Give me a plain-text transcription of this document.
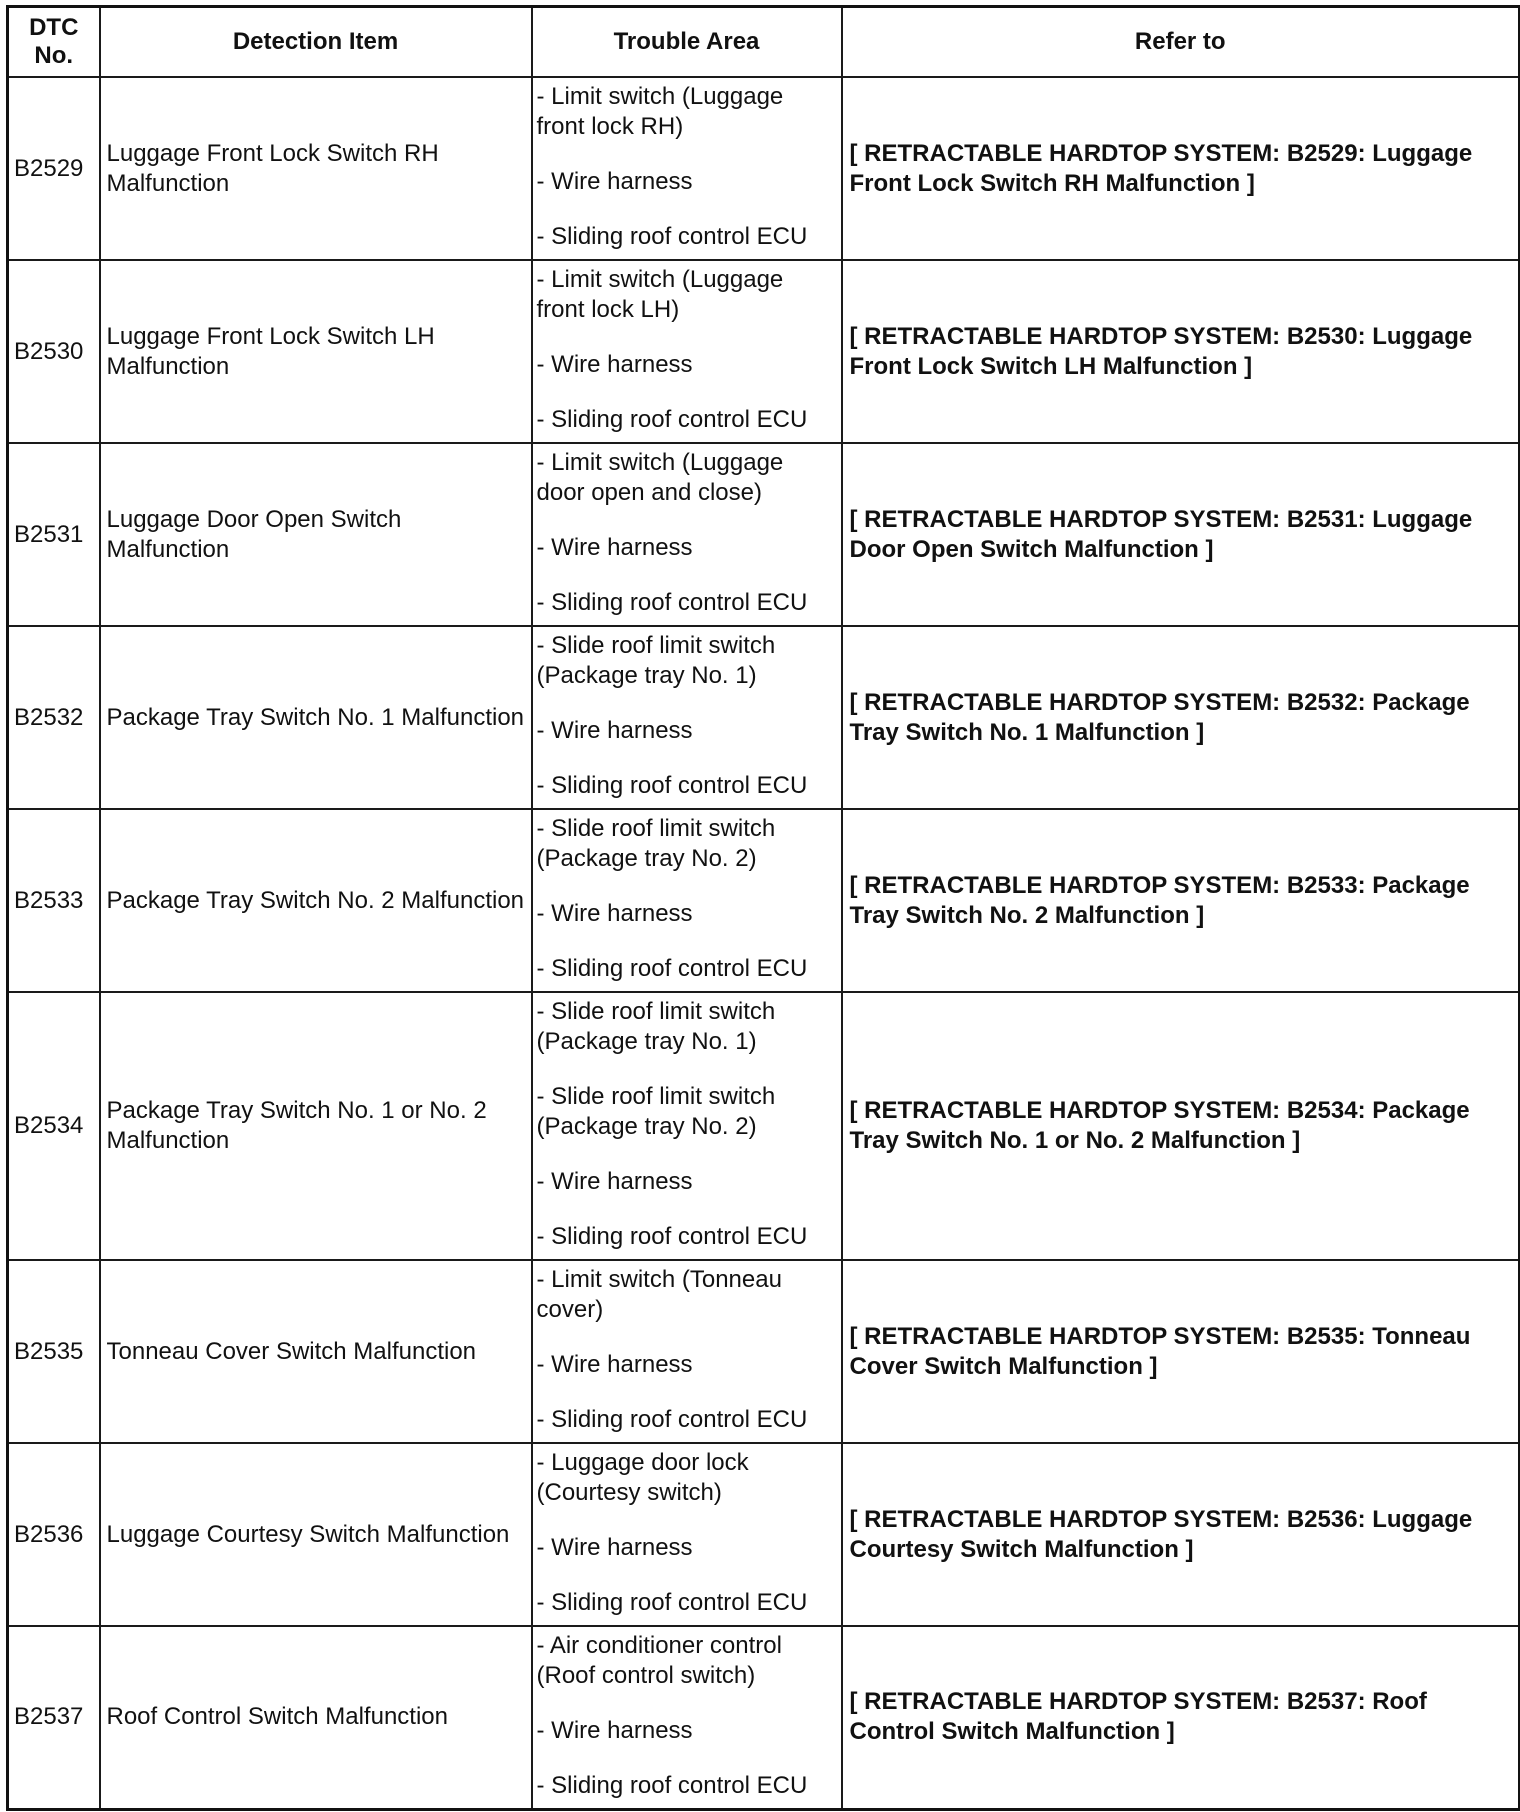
DTC No.	Detection Item	Trouble Area	Refer to
B2529	Luggage Front Lock Switch RH Malfunction	- Limit switch (Luggage front lock RH)
- Wire harness
- Sliding roof control ECU	[ RETRACTABLE HARDTOP SYSTEM: B2529: Luggage Front Lock Switch RH Malfunction ]
B2530	Luggage Front Lock Switch LH Malfunction	- Limit switch (Luggage front lock LH)
- Wire harness
- Sliding roof control ECU	[ RETRACTABLE HARDTOP SYSTEM: B2530: Luggage Front Lock Switch LH Malfunction ]
B2531	Luggage Door Open Switch Malfunction	- Limit switch (Luggage door open and close)
- Wire harness
- Sliding roof control ECU	[ RETRACTABLE HARDTOP SYSTEM: B2531: Luggage Door Open Switch Malfunction ]
B2532	Package Tray Switch No. 1 Malfunction	- Slide roof limit switch (Package tray No. 1)
- Wire harness
- Sliding roof control ECU	[ RETRACTABLE HARDTOP SYSTEM: B2532: Package Tray Switch No. 1 Malfunction ]
B2533	Package Tray Switch No. 2 Malfunction	- Slide roof limit switch (Package tray No. 2)
- Wire harness
- Sliding roof control ECU	[ RETRACTABLE HARDTOP SYSTEM: B2533: Package Tray Switch No. 2 Malfunction ]
B2534	Package Tray Switch No. 1 or No. 2 Malfunction	- Slide roof limit switch (Package tray No. 1)
- Slide roof limit switch (Package tray No. 2)
- Wire harness
- Sliding roof control ECU	[ RETRACTABLE HARDTOP SYSTEM: B2534: Package Tray Switch No. 1 or No. 2 Malfunction ]
B2535	Tonneau Cover Switch Malfunction	- Limit switch (Tonneau cover)
- Wire harness
- Sliding roof control ECU	[ RETRACTABLE HARDTOP SYSTEM: B2535: Tonneau Cover Switch Malfunction ]
B2536	Luggage Courtesy Switch Malfunction	- Luggage door lock (Courtesy switch)
- Wire harness
- Sliding roof control ECU	[ RETRACTABLE HARDTOP SYSTEM: B2536: Luggage Courtesy Switch Malfunction ]
B2537	Roof Control Switch Malfunction	- Air conditioner control (Roof control switch)
- Wire harness
- Sliding roof control ECU	[ RETRACTABLE HARDTOP SYSTEM: B2537: Roof Control Switch Malfunction ]
